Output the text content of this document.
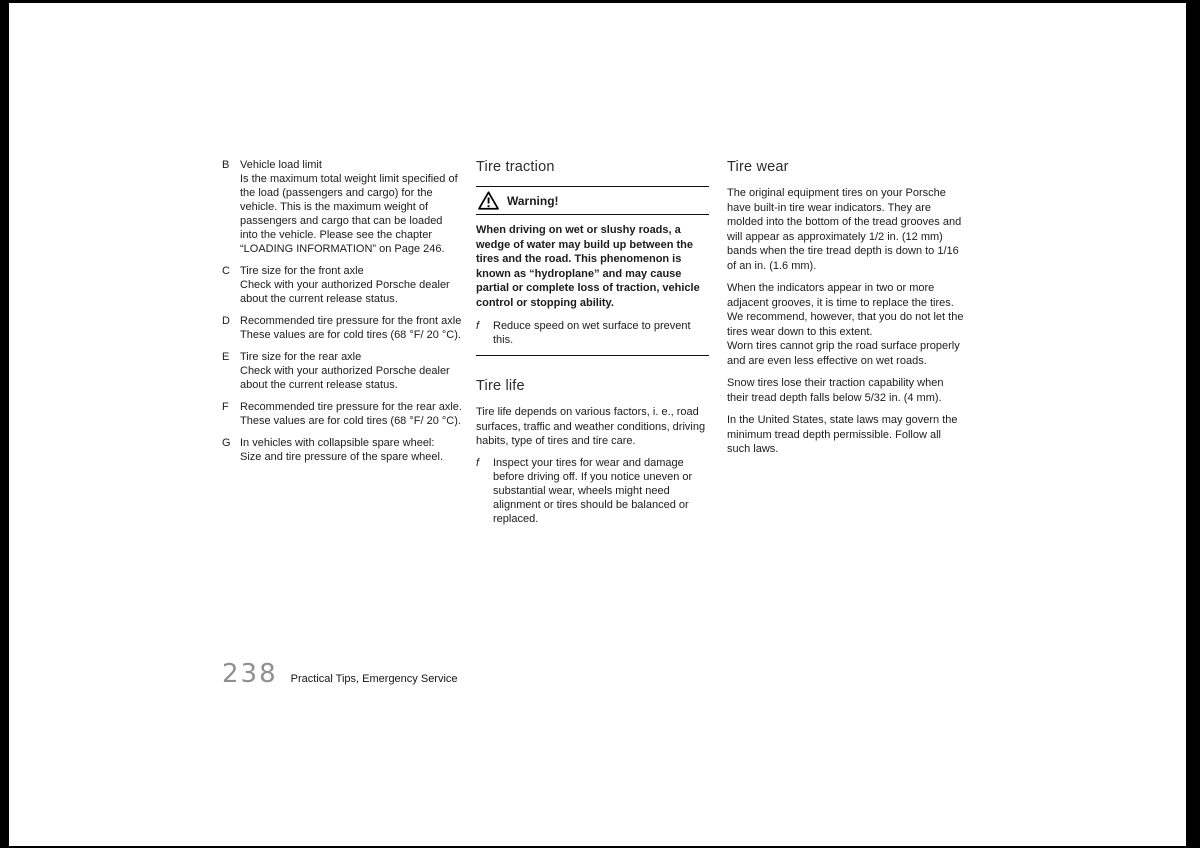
B Vehicle load limit
Is the maximum total weight limit specified of the load (passengers and cargo) for the vehicle. This is the maximum weight of passengers and cargo that can be loaded into the vehicle. Please see the chapter “LOADING INFORMATION” on Page 246.
C Tire size for the front axle
Check with your authorized Porsche dealer about the current release status.
D Recommended tire pressure for the front axle
These values are for cold tires (68 °F/ 20 °C).
E Tire size for the rear axle
Check with your authorized Porsche dealer about the current release status.
F	Recommended tire pressure for the rear axle.
These values are for cold tires (68 °F/ 20 °C).
G In vehicles with collapsible spare wheel:
Size and tire pressure of the spare wheel.
Tire traction
Warning!
When driving on wet or slushy roads, a wedge of water may build up between the tires and the road. This phenomenon is known as “hydroplane” and may cause partial or complete loss of traction, vehicle control or stopping ability.
f	Reduce speed on wet surface to prevent this.
Tire life
Tire life depends on various factors, i. e., road surfaces, traffic and weather conditions, driving habits, type of tires and tire care.
f	Inspect your tires for wear and damage before driving off. If you notice uneven or substantial wear, wheels might need alignment or tires should be balanced or replaced.
Tire wear

The original equipment tires on your Porsche have built-in tire wear indicators. They are molded into the bottom of the tread grooves and will appear as approximately 1/2 in. (12 mm) bands when the tire tread depth is down to 1/16 of an in. (1.6 mm).

When the indicators appear in two or more adjacent grooves, it is time to replace the tires. We recommend, however, that you do not let the tires wear down to this extent.

Worn tires cannot grip the road surface properly and are even less effective on wet roads.

Snow tires lose their traction capability when their tread depth falls below 5/32 in. (4 mm).

In the United States, state laws may govern the minimum tread depth permissible. Follow all such laws.

238 Practical Tips, Emergency Service
